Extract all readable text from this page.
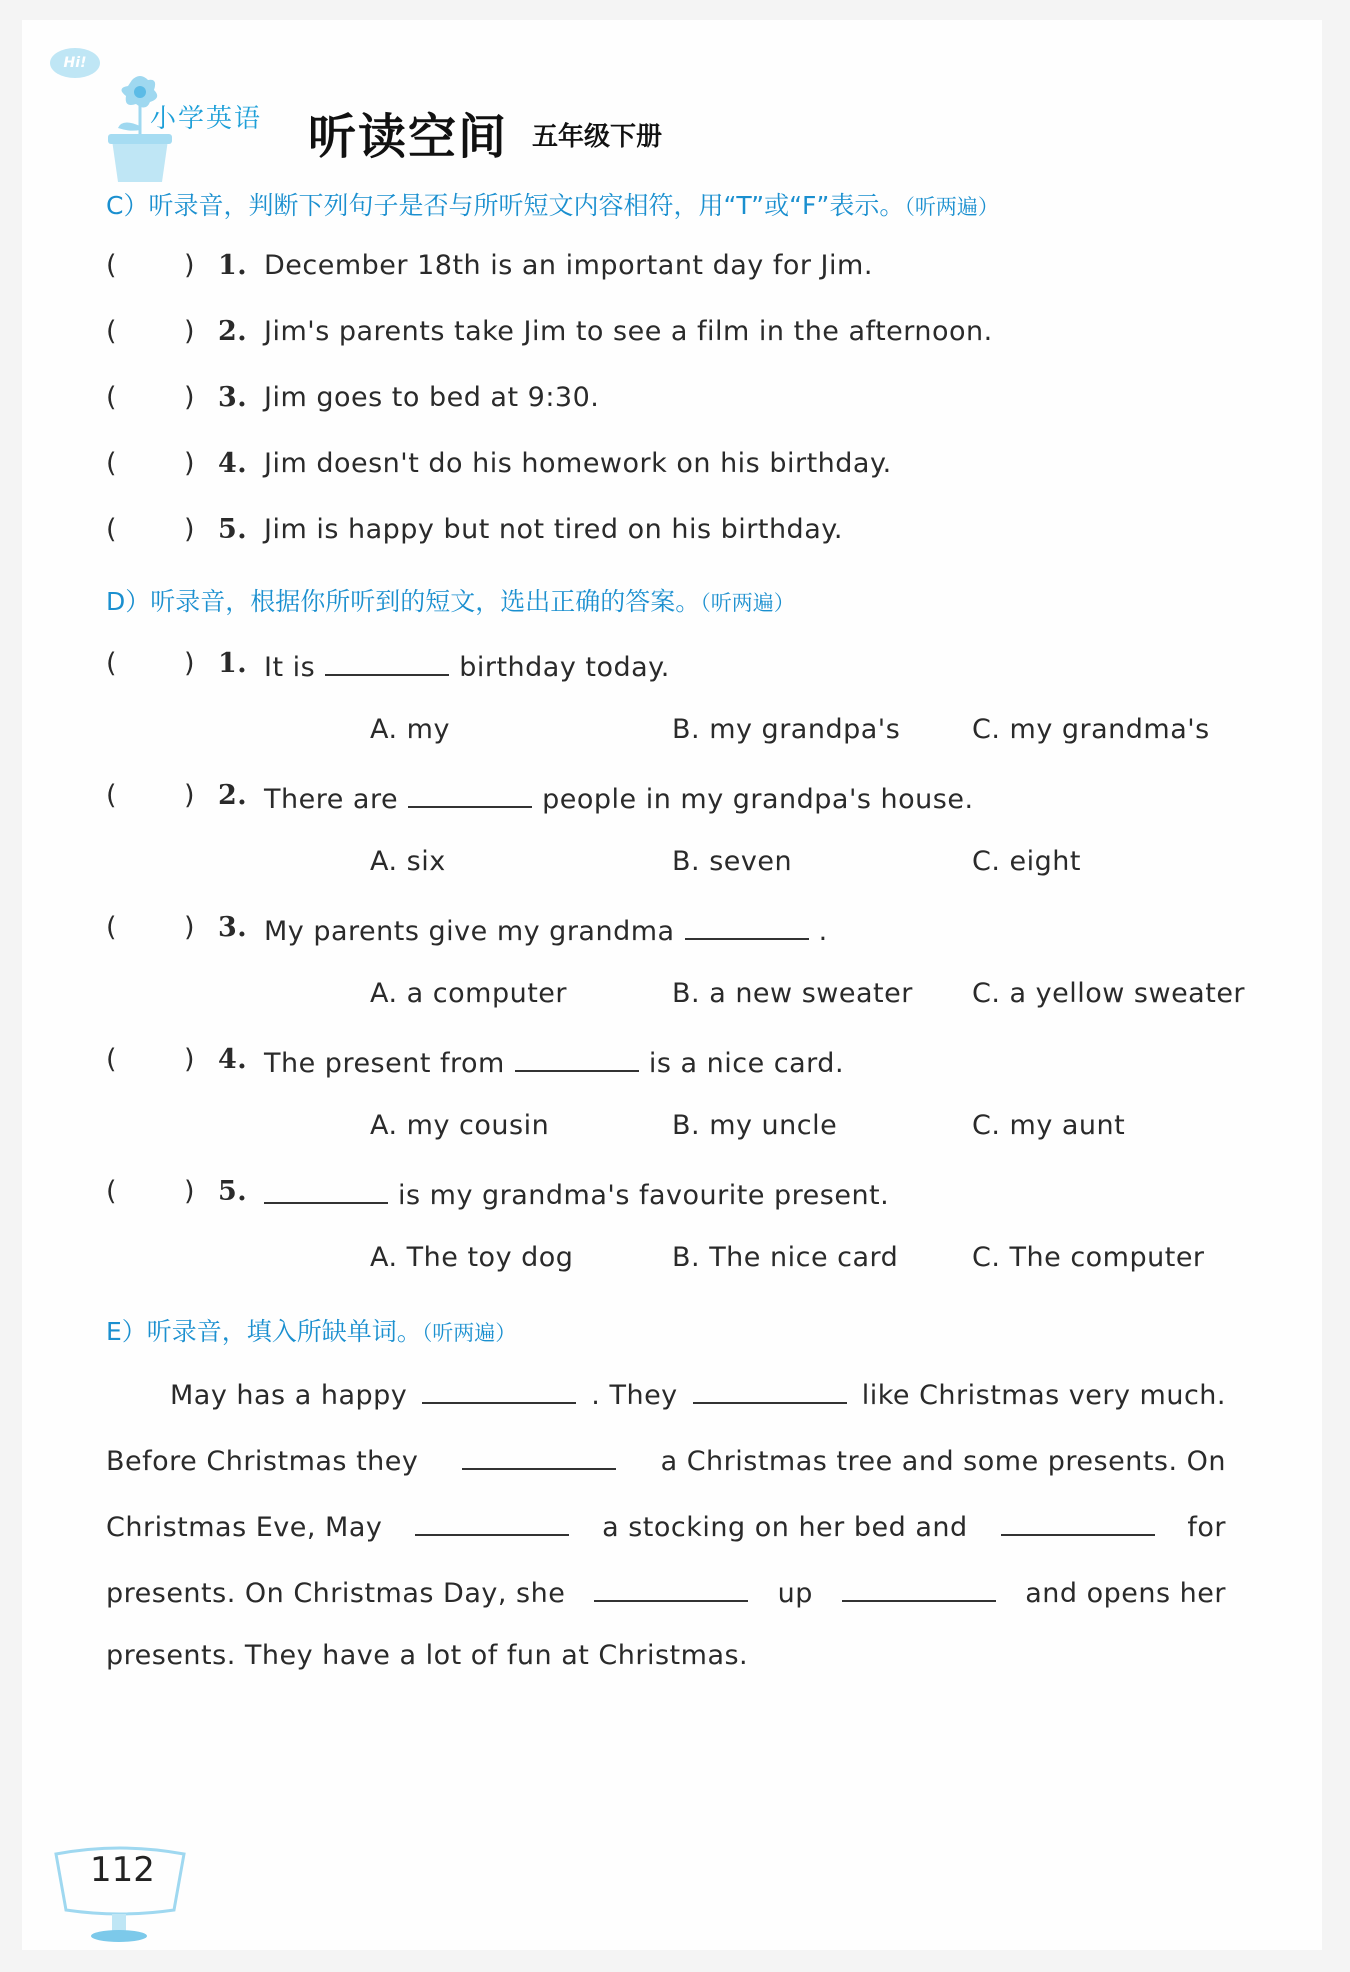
Hi!
小学英语 听读空间 五年级下册
C）听录音，判断下列句子是否与所听短文内容相符，用“T”或“F”表示。（听两遍）
( ) 1. December 18th is an important day for Jim.
( ) 2. Jim's parents take Jim to see a film in the afternoon.
( ) 3. Jim goes to bed at 9:30.
( ) 4. Jim doesn't do his homework on his birthday.
( ) 5. Jim is happy but not tired on his birthday.
D）听录音，根据你所听到的短文，选出正确的答案。（听两遍）
( ) 1. It is	birthday today.
A. my	B. my grandpa's	C. my grandma's
( ) 2. There are	people in my grandpa's house.
A. six	B. seven	C. eight
( ) 3. My parents give my grandma	.
A. a computer	B. a new sweater C. a yellow sweater
( ) 4. The present from	is a nice card.
A. my cousin	B. my uncle	C. my aunt
( ) 5.	is my grandma's favourite present.
A. The toy dog	B. The nice card	C. The computer
E）听录音，填入所缺单词。（听两遍）
May has a happy	. They	like Christmas very much.
Before Christmas they	a Christmas tree and some presents. On
Christmas Eve, May	a stocking on her bed and	for
presents. On Christmas Day, she	up	and opens her
presents. They have a lot of fun at Christmas.
112
